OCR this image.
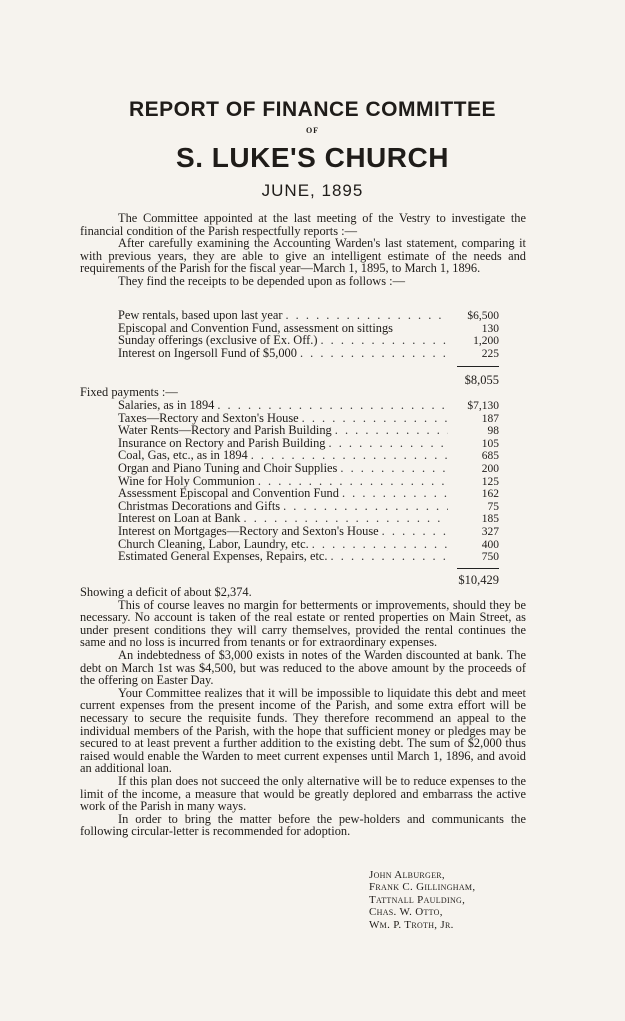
REPORT OF FINANCE COMMITTEE
OF
S. LUKE'S CHURCH
JUNE, 1895
The Committee appointed at the last meeting of the Vestry to investigate the financial condition of the Parish respectfully reports :—
After carefully examining the Accounting Warden's last statement, comparing it with previous years, they are able to give an intelligent estimate of the needs and requirements of the Parish for the fiscal year—March 1, 1895, to March 1, 1896.
They find the receipts to be depended upon as follows :—
Pew rentals, based upon last year . . .	$6,500
Episcopal and Convention Fund, assessment on sittings	130
Sunday offerings (exclusive of Ex. Off.) . . .	1,200
Interest on Ingersoll Fund of $5,000 . . .	225
$8,055
Fixed payments :—
Salaries, as in 1894 . . .	$7,130
Taxes—Rectory and Sexton's House . . .	187
Water Rents—Rectory and Parish Building . . .	98
Insurance on Rectory and Parish Building . . .	105
Coal, Gas, etc., as in 1894 . . .	685
Organ and Piano Tuning and Choir Supplies . . .	200
Wine for Holy Communion . . .	125
Assessment Episcopal and Convention Fund . . .	162
Christmas Decorations and Gifts . . .	75
Interest on Loan at Bank . . .	185
Interest on Mortgages—Rectory and Sexton's House . . .	327
Church Cleaning, Labor, Laundry, etc. . . .	400
Estimated General Expenses, Repairs, etc. . . .	750
$10,429
Showing a deficit of about $2,374.
This of course leaves no margin for betterments or improvements, should they be necessary. No account is taken of the real estate or rented properties on Main Street, as under present conditions they will carry themselves, provided the rental continues the same and no loss is incurred from tenants or for extraordinary expenses.
An indebtedness of $3,000 exists in notes of the Warden discounted at bank. The debt on March 1st was $4,500, but was reduced to the above amount by the proceeds of the offering on Easter Day.
Your Committee realizes that it will be impossible to liquidate this debt and meet current expenses from the present income of the Parish, and some extra effort will be necessary to secure the requisite funds. They therefore recommend an appeal to the individual members of the Parish, with the hope that sufficient money or pledges may be secured to at least prevent a further addition to the existing debt. The sum of $2,000 thus raised would enable the Warden to meet current expenses until March 1, 1896, and avoid an additional loan.
If this plan does not succeed the only alternative will be to reduce expenses to the limit of the income, a measure that would be greatly deplored and embarrass the active work of the Parish in many ways.
In order to bring the matter before the pew-holders and communicants the following circular-letter is recommended for adoption.
John Alburger,
Frank C. Gillingham,
Tattnall Paulding,
Chas. W. Otto,
Wm. P. Troth, Jr.
